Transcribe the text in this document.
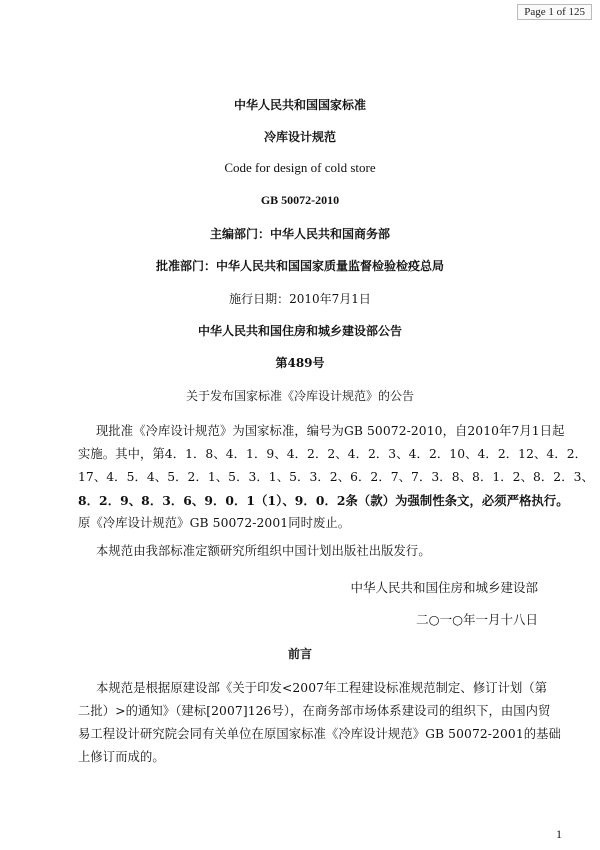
Page 1 of 125
中华人民共和国国家标准
冷库设计规范
Code for design of cold store
GB 50072-2010
主编部门：中华人民共和国商务部
批准部门：中华人民共和国国家质量监督检验检疫总局
施行日期：2010年7月1日
中华人民共和国住房和城乡建设部公告
第489号
关于发布国家标准《冷库设计规范》的公告
现批准《冷库设计规范》为国家标准，编号为GB 50072-2010，自2010年7月1日起
实施。其中，第4．1．8、4．1．9、4．2．2、4．2．3、4．2．10、4．2．12、4．2．
17、4．5．4、5．2．1、5．3．1、5．3．2、6．2．7、7．3．8、8．1．2、8．2．3、
8．2．9、8．3．6、9．0．1（1）、9．0．2条（款）为强制性条文，必须严格执行。
原《冷库设计规范》GB 50072-2001同时废止。
本规范由我部标准定额研究所组织中国计划出版社出版发行。
中华人民共和国住房和城乡建设部
二○一○年一月十八日
前言
本规范是根据原建设部《关于印发<2007年工程建设标准规范制定、修订计划（第
二批）>的通知》（建标[2007]126号），在商务部市场体系建设司的组织下，由国内贸
易工程设计研究院会同有关单位在原国家标准《冷库设计规范》GB 50072-2001的基础
上修订而成的。
1
